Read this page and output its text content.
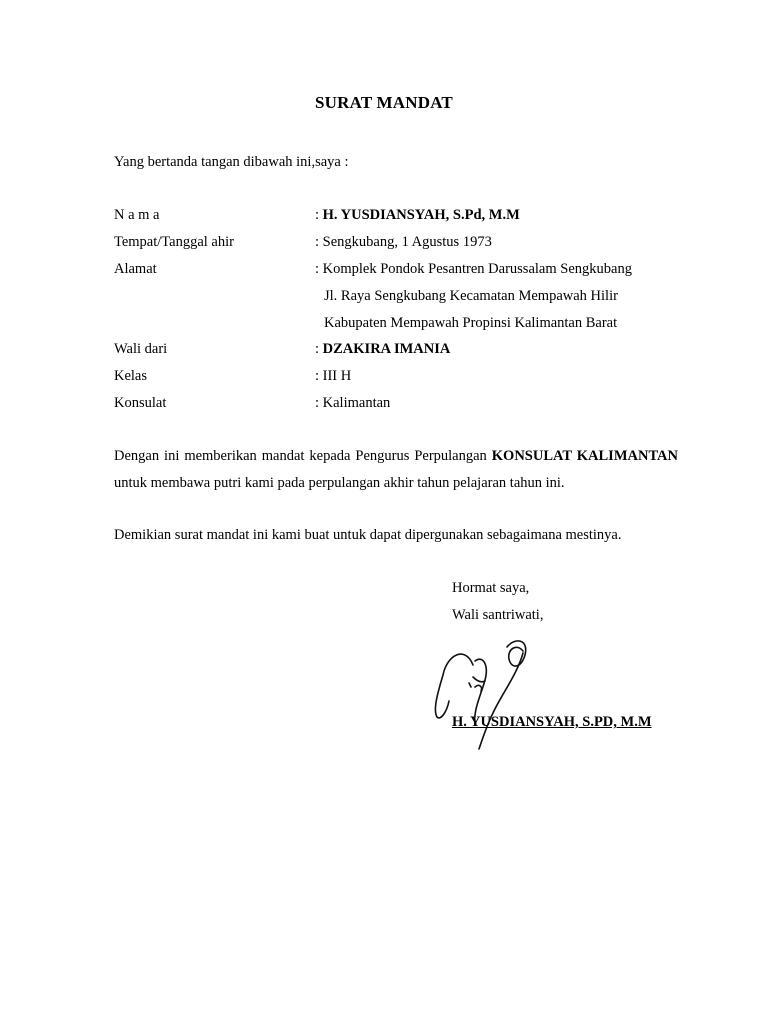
SURAT MANDAT
Yang bertanda tangan dibawah ini,saya :
N a m a	: H. YUSDIANSYAH, S.Pd, M.M
Tempat/Tanggal ahir	: Sengkubang, 1 Agustus 1973
Alamat	: Komplek Pondok Pesantren Darussalam Sengkubang
Jl. Raya Sengkubang Kecamatan Mempawah Hilir
Kabupaten Mempawah Propinsi Kalimantan Barat
Wali dari	: DZAKIRA IMANIA
Kelas	: III H
Konsulat	: Kalimantan
Dengan ini memberikan mandat kepada Pengurus Perpulangan KONSULAT KALIMANTAN untuk membawa putri kami pada perpulangan akhir tahun pelajaran tahun ini.
Demikian surat mandat ini kami buat untuk dapat dipergunakan sebagaimana mestinya.
Hormat saya,
Wali santriwati,
H. YUSDIANSYAH, S.PD, M.M
